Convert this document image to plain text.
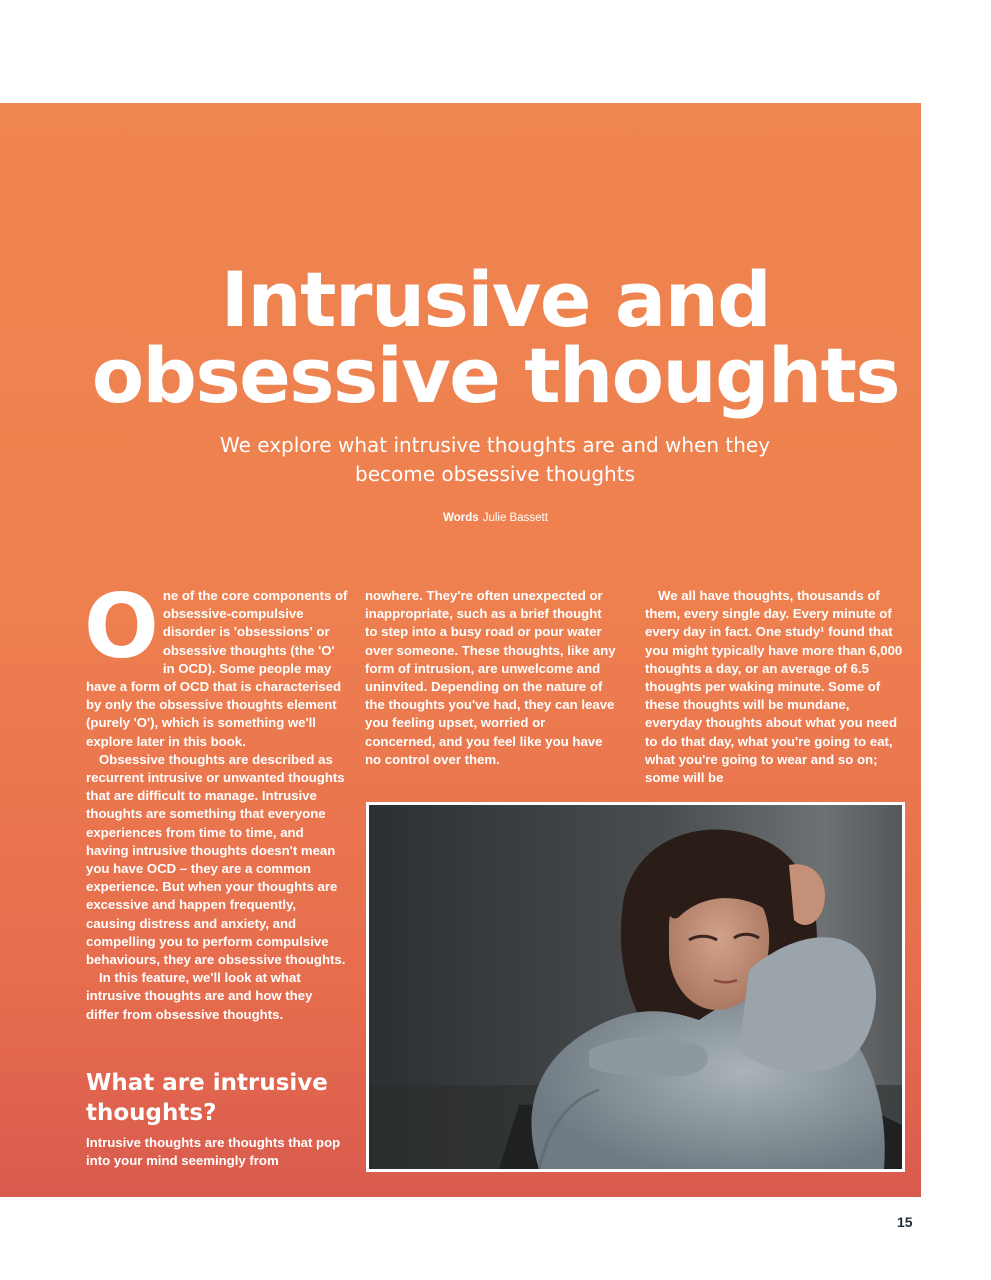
Intrusive and
obsessive thoughts
We explore what intrusive thoughts are and when they become obsessive thoughts
Words Julie Bassett

One of the core components of obsessive-compulsive disorder is 'obsessions' or obsessive thoughts (the 'O' in OCD). Some people may have a form of OCD that is characterised by only the obsessive thoughts element (purely 'O'), which is something we'll explore later in this book.

Obsessive thoughts are described as recurrent intrusive or unwanted thoughts that are difficult to manage. Intrusive thoughts are something that everyone experiences from time to time, and having intrusive thoughts doesn't mean you have OCD – they are a common experience. But when your thoughts are excessive and happen frequently, causing distress and anxiety, and compelling you to perform compulsive behaviours, they are obsessive thoughts.

In this feature, we'll look at what intrusive thoughts are and how they differ from obsessive thoughts.

What are intrusive thoughts?

Intrusive thoughts are thoughts that pop into your mind seemingly from

nowhere. They're often unexpected or inappropriate, such as a brief thought to step into a busy road or pour water over someone. These thoughts, like any form of intrusion, are unwelcome and uninvited. Depending on the nature of the thoughts you've had, they can leave you feeling upset, worried or concerned, and you feel like you have no control over them.

We all have thoughts, thousands of them, every single day. Every minute of every day in fact. One study¹ found that you might typically have more than 6,000 thoughts a day, or an average of 6.5 thoughts per waking minute. Some of these thoughts will be mundane, everyday thoughts about what you need to do that day, what you're going to eat, what you're going to wear and so on; some will be

15
